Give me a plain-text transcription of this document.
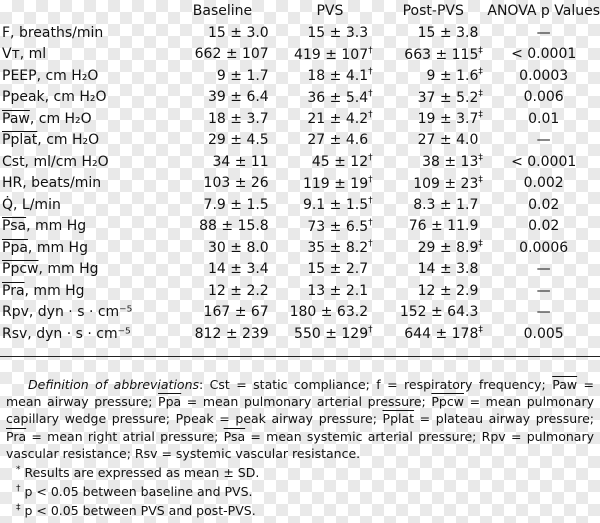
	Baseline	PVS	Post-PVS	ANOVA p Values
F, breaths/min	15 ± 3.0	15 ± 3.3	15 ± 3.8	—
Vт, ml	662 ± 107	419 ± 107†	663 ± 115‡	< 0.0001
PEEP, cm H₂O	9 ± 1.7	18 ± 4.1†	9 ± 1.6‡	0.0003
Ppeak, cm H₂O	39 ± 6.4	36 ± 5.4†	37 ± 5.2‡	0.006
$\overline{Paw}$, cm H₂O	18 ± 3.7	21 ± 4.2†	19 ± 3.7‡	0.01
Pplat, cm H₂O	29 ± 4.5	27 ± 4.6	27 ± 4.0	—
Cst, ml/cm H₂O	34 ± 11	45 ± 12†	38 ± 13‡	< 0.0001
HR, beats/min	103 ± 26	119 ± 19†	109 ± 23‡	0.002
Q̇, L/min	7.9 ± 1.5	9.1 ± 1.5†	8.3 ± 1.7	0.02
$\overline{Psa}$, mm Hg	88 ± 15.8	73 ± 6.5†	76 ± 11.9	0.02
$\overline{Ppa}$, mm Hg	30 ± 8.0	35 ± 8.2†	29 ± 8.9‡	0.0006
Ppcw, mm Hg	14 ± 3.4	15 ± 2.7	14 ± 3.8	—
$\overline{Pra}$, mm Hg	12 ± 2.2	13 ± 2.1	12 ± 2.9	—
Rpv, dyn · s · cm⁻⁵	167 ± 67	180 ± 63.2	152 ± 64.3	—
Rsv, dyn · s · cm⁻⁵	812 ± 239	550 ± 129†	644 ± 178‡	0.005

Definition of abbreviations: Cst = static compliance; f = respiratory frequency; $\overline{Paw}$ = mean airway pressure; $\overline{Ppa}$ = mean pulmonary arterial pressure; Ppcw = mean pulmonary capillary wedge pressure; Ppeak = peak airway pressure; Pplat = plateau airway pressure; $\overline{Pra}$ = mean right atrial pressure; $\overline{Psa}$ = mean systemic arterial pressure; Rpv = pulmonary vascular resistance; Rsv = systemic vascular resistance.

* Results are expressed as mean ± SD.

† p < 0.05 between baseline and PVS.

‡ p < 0.05 between PVS and post-PVS.
